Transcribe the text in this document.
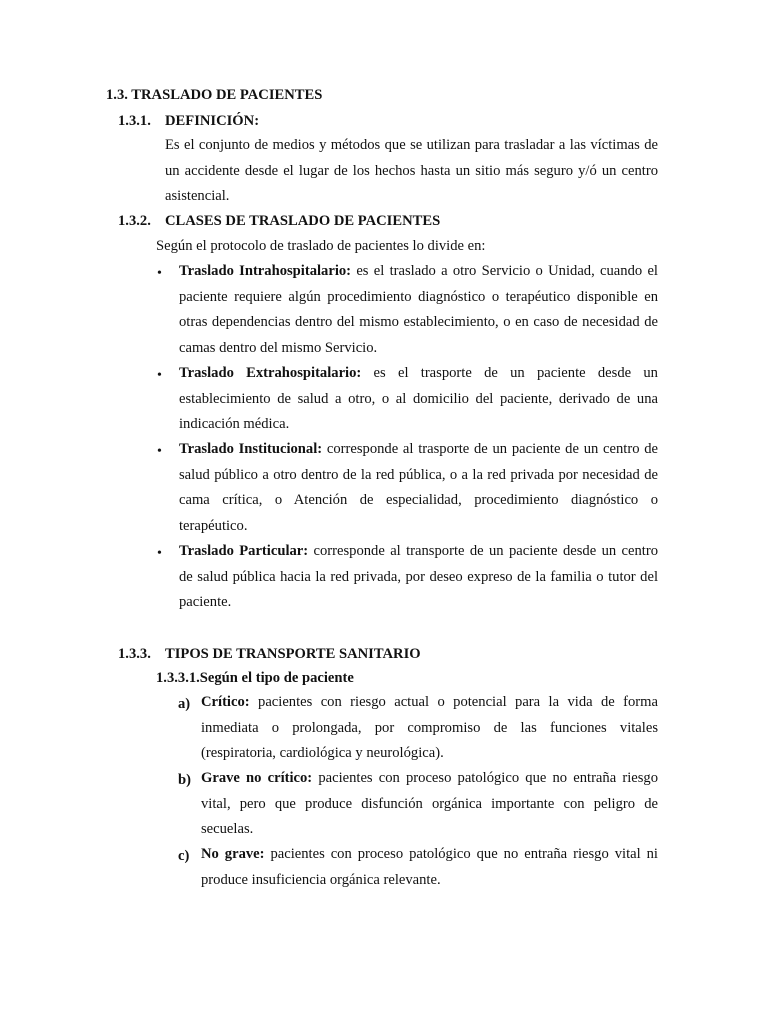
1.3. TRASLADO DE PACIENTES
1.3.1. DEFINICIÓN:
Es el conjunto de medios y métodos que se utilizan para trasladar a las víctimas de un accidente desde el lugar de los hechos hasta un sitio más seguro y/ó un centro asistencial.
1.3.2. CLASES DE TRASLADO DE PACIENTES
Según el protocolo de traslado de pacientes lo divide en:
• Traslado Intrahospitalario: es el traslado a otro Servicio o Unidad, cuando el paciente requiere algún procedimiento diagnóstico o terapéutico disponible en otras dependencias dentro del mismo establecimiento, o en caso de necesidad de camas dentro del mismo Servicio.
• Traslado Extrahospitalario: es el trasporte de un paciente desde un establecimiento de salud a otro, o al domicilio del paciente, derivado de una indicación médica.
• Traslado Institucional: corresponde al trasporte de un paciente de un centro de salud público a otro dentro de la red pública, o a la red privada por necesidad de cama crítica, o Atención de especialidad, procedimiento diagnóstico o terapéutico.
• Traslado Particular: corresponde al transporte de un paciente desde un centro de salud pública hacia la red privada, por deseo expreso de la familia o tutor del paciente.
1.3.3. TIPOS DE TRANSPORTE SANITARIO
1.3.3.1.Según el tipo de paciente
a) Crítico: pacientes con riesgo actual o potencial para la vida de forma inmediata o prolongada, por compromiso de las funciones vitales (respiratoria, cardiológica y neurológica).
b) Grave no crítico: pacientes con proceso patológico que no entraña riesgo vital, pero que produce disfunción orgánica importante con peligro de secuelas.
c) No grave: pacientes con proceso patológico que no entraña riesgo vital ni produce insuficiencia orgánica relevante.
